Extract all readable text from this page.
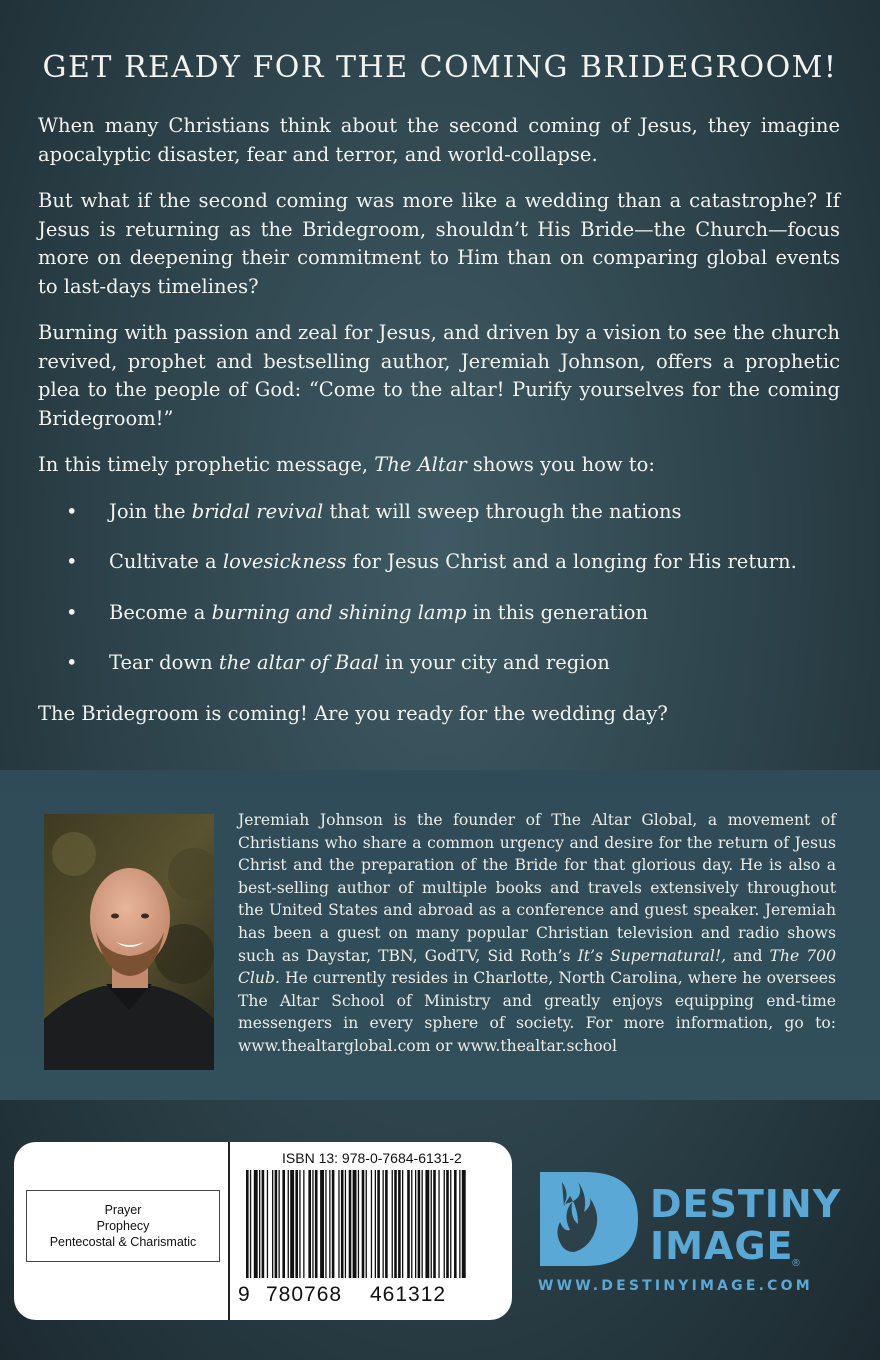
GET READY FOR THE COMING BRIDEGROOM!

When many Christians think about the second coming of Jesus, they imagine apocalyptic disaster, fear and terror, and world-collapse.

But what if the second coming was more like a wedding than a catastrophe? If Jesus is returning as the Bridegroom, shouldn’t His Bride—the Church—focus more on deepening their commitment to Him than on comparing global events to last-days timelines?

Burning with passion and zeal for Jesus, and driven by a vision to see the church revived, prophet and bestselling author, Jeremiah Johnson, offers a prophetic plea to the people of God: “Come to the altar! Purify yourselves for the coming Bridegroom!”

In this timely prophetic message, The Altar shows you how to:

• Join the bridal revival that will sweep through the nations
• Cultivate a lovesickness for Jesus Christ and a longing for His return.
• Become a burning and shining lamp in this generation
• Tear down the altar of Baal in your city and region

The Bridegroom is coming! Are you ready for the wedding day?

Jeremiah Johnson is the founder of The Altar Global, a movement of Christians who share a common urgency and desire for the return of Jesus Christ and the preparation of the Bride for that glorious day. He is also a best-selling author of multiple books and travels extensively throughout the United States and abroad as a conference and guest speaker. Jeremiah has been a guest on many popular Christian television and radio shows such as Daystar, TBN, GodTV, Sid Roth’s It’s Supernatural!, and The 700 Club. He currently resides in Charlotte, North Carolina, where he oversees The Altar School of Ministry and greatly enjoys equipping end-time messengers in every sphere of society. For more information, go to: www.thealtarglobal.com or www.thealtar.school
Prayer
Prophecy
Pentecostal & Charismatic
ISBN 13: 978-0-7684-6131-2
9 780768 461312
DESTINY
IMAGE
®
WWW.DESTINYIMAGE.COM
